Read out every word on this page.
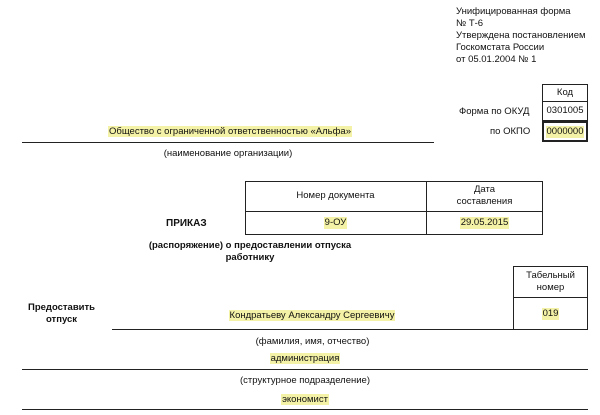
Унифицированная форма
№ Т-6
Утверждена постановлением
Госкомстата России
от 05.01.2004 № 1
Код
Форма по ОКУД	0301005
по ОКПО 0000000
Общество с ограниченной ответственностью «Альфа»
(наименование организации)
Номер документа
Дата
составления
9-ОУ	29.05.2015
ПРИКАЗ
(распоряжение) о предоставлении отпуска
работнику
Предоставить
отпуск
Табельный
номер
019
Кондратьеву Александру Сергеевичу
(фамилия, имя, отчество)
администрация
(структурное подразделение)
экономист
